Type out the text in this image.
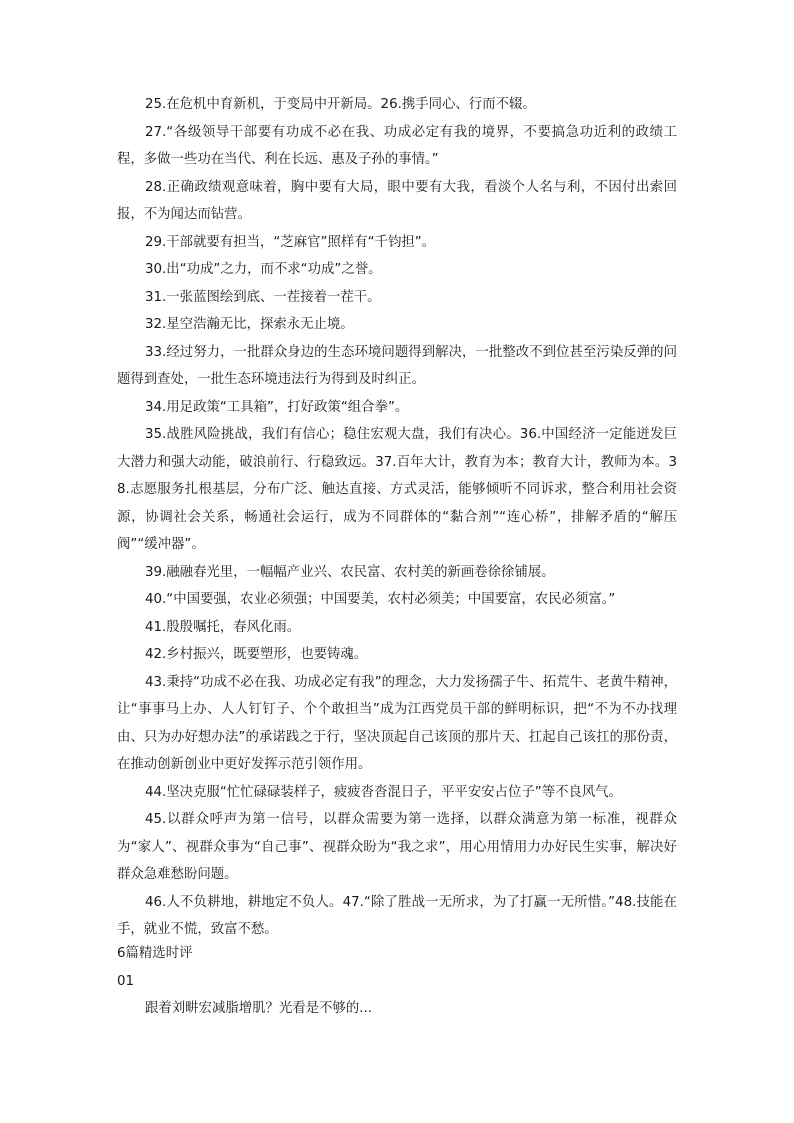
25.在危机中育新机，于变局中开新局。26.携手同心、行而不辍。

27.“各级领导干部要有功成不必在我、功成必定有我的境界，不要搞急功近利的政绩工程，多做一些功在当代、利在长远、惠及子孙的事情。”

28.正确政绩观意味着，胸中要有大局，眼中要有大我，看淡个人名与利，不因付出索回报，不为闻达而钻营。

29.干部就要有担当，“芝麻官”照样有“千钧担”。

30.出“功成”之力，而不求“功成”之誉。

31.一张蓝图绘到底、一茬接着一茬干。

32.星空浩瀚无比，探索永无止境。

33.经过努力，一批群众身边的生态环境问题得到解决，一批整改不到位甚至污染反弹的问题得到查处，一批生态环境违法行为得到及时纠正。

34.用足政策“工具箱”，打好政策“组合拳”。

35.战胜风险挑战，我们有信心；稳住宏观大盘，我们有决心。36.中国经济一定能迸发巨大潜力和强大动能，破浪前行、行稳致远。37.百年大计，教育为本；教育大计，教师为本。38.志愿服务扎根基层，分布广泛、触达直接、方式灵活，能够倾听不同诉求，整合利用社会资源，协调社会关系，畅通社会运行，成为不同群体的“黏合剂”“连心桥”，排解矛盾的“解压阀”“缓冲器”。

39.融融春光里，一幅幅产业兴、农民富、农村美的新画卷徐徐铺展。

40.“中国要强，农业必须强；中国要美，农村必须美；中国要富，农民必须富。”

41.殷殷嘱托，春风化雨。

42.乡村振兴，既要塑形，也要铸魂。

43.秉持“功成不必在我、功成必定有我”的理念，大力发扬孺子牛、拓荒牛、老黄牛精神，让“事事马上办、人人钉钉子、个个敢担当”成为江西党员干部的鲜明标识，把“不为不办找理由、只为办好想办法”的承诺践之于行，坚决顶起自己该顶的那片天、扛起自己该扛的那份责，在推动创新创业中更好发挥示范引领作用。

44.坚决克服“忙忙碌碌装样子，疲疲沓沓混日子，平平安安占位子”等不良风气。

45.以群众呼声为第一信号，以群众需要为第一选择，以群众满意为第一标准，视群众为“家人”、视群众事为“自己事”、视群众盼为“我之求”，用心用情用力办好民生实事，解决好群众急难愁盼问题。

46.人不负耕地，耕地定不负人。47.“除了胜战一无所求，为了打赢一无所惜。”48.技能在手，就业不慌，致富不愁。

6篇精选时评

01

跟着刘畊宏减脂增肌？光看是不够的...
